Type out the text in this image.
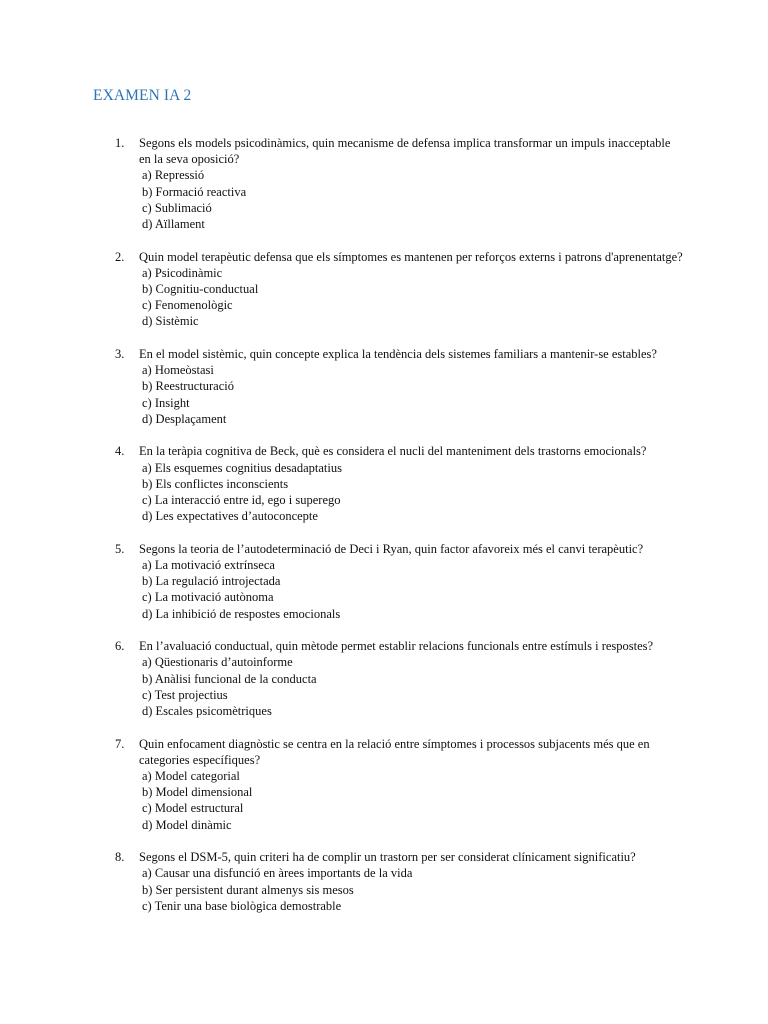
EXAMEN IA 2
1. Segons els models psicodinàmics, quin mecanisme de defensa implica transformar un impuls inacceptable en la seva oposició?
a) Repressió
b) Formació reactiva
c) Sublimació
d) Aïllament
2. Quin model terapèutic defensa que els símptomes es mantenen per reforços externs i patrons d'aprenentatge?
a) Psicodinàmic
b) Cognitiu-conductual
c) Fenomenològic
d) Sistèmic
3. En el model sistèmic, quin concepte explica la tendència dels sistemes familiars a mantenir-se estables?
a) Homeòstasi
b) Reestructuració
c) Insight
d) Desplaçament
4. En la teràpia cognitiva de Beck, què es considera el nucli del manteniment dels trastorns emocionals?
a) Els esquemes cognitius desadaptatius
b) Els conflictes inconscients
c) La interacció entre id, ego i superego
d) Les expectatives d’autoconcepte
5. Segons la teoria de l’autodeterminació de Deci i Ryan, quin factor afavoreix més el canvi terapèutic?
a) La motivació extrínseca
b) La regulació introjectada
c) La motivació autònoma
d) La inhibició de respostes emocionals
6. En l’avaluació conductual, quin mètode permet establir relacions funcionals entre estímuls i respostes?
a) Qüestionaris d’autoinforme
b) Anàlisi funcional de la conducta
c) Test projectius
d) Escales psicomètriques
7. Quin enfocament diagnòstic se centra en la relació entre símptomes i processos subjacents més que en categories específiques?
a) Model categorial
b) Model dimensional
c) Model estructural
d) Model dinàmic
8. Segons el DSM-5, quin criteri ha de complir un trastorn per ser considerat clínicament significatiu?
a) Causar una disfunció en àrees importants de la vida
b) Ser persistent durant almenys sis mesos
c) Tenir una base biològica demostrable
